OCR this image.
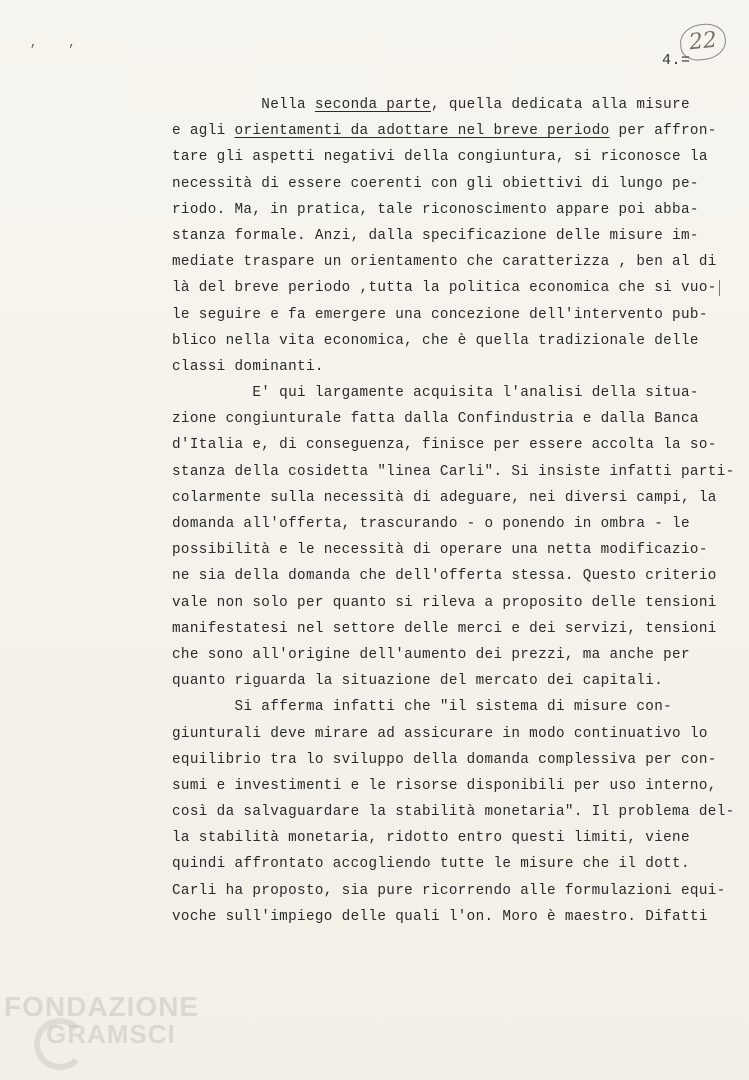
, ,	22
4.=
Nella seconda parte, quella dedicata alla misure
e agli orientamenti da adottare nel breve periodo per affron-
tare gli aspetti negativi della congiuntura, si riconosce la
necessità di essere coerenti con gli obiettivi di lungo pe-
riodo. Ma, in pratica, tale riconoscimento appare poi abba-
stanza formale. Anzi, dalla specificazione delle misure im-
mediate traspare un orientamento che caratterizza , ben al di
là del breve periodo ,tutta la politica economica che si vuo-
le seguire e fa emergere una concezione dell'intervento pub-
blico nella vita economica, che è quella tradizionale delle
classi dominanti.
E' qui largamente acquisita l'analisi della situa-
zione congiunturale fatta dalla Confindustria e dalla Banca
d'Italia e, di conseguenza, finisce per essere accolta la so-
stanza della cosidetta "linea Carli". Si insiste infatti parti-
colarmente sulla necessità di adeguare, nei diversi campi, la
domanda all'offerta, trascurando - o ponendo in ombra - le
possibilità e le necessità di operare una netta modificazio-
ne sia della domanda che dell'offerta stessa. Questo criterio
vale non solo per quanto si rileva a proposito delle tensioni
manifestatesi nel settore delle merci e dei servizi, tensioni
che sono all'origine dell'aumento dei prezzi, ma anche per
quanto riguarda la situazione del mercato dei capitali.
Si afferma infatti che "il sistema di misure con-
giunturali deve mirare ad assicurare in modo continuativo lo
equilibrio tra lo sviluppo della domanda complessiva per con-
sumi e investimenti e le risorse disponibili per uso interno,
così da salvaguardare la stabilità monetaria". Il problema del-
la stabilità monetaria, ridotto entro questi limiti, viene
quindi affrontato accogliendo tutte le misure che il dott.
Carli ha proposto, sia pure ricorrendo alle formulazioni equi-
voche sull'impiego delle quali l'on. Moro è maestro. Difatti
FONDAZIONE
GRAMSCI
